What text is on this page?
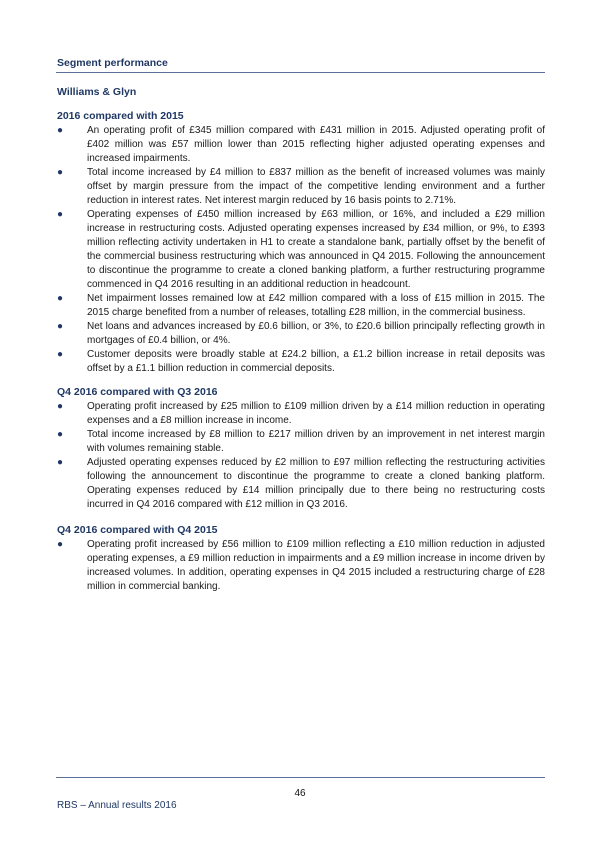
Segment performance
Williams & Glyn
2016 compared with 2015
● An operating profit of £345 million compared with £431 million in 2015. Adjusted operating profit of £402 million was £57 million lower than 2015 reflecting higher adjusted operating expenses and increased impairments.
● Total income increased by £4 million to £837 million as the benefit of increased volumes was mainly offset by margin pressure from the impact of the competitive lending environment and a further reduction in interest rates. Net interest margin reduced by 16 basis points to 2.71%.
● Operating expenses of £450 million increased by £63 million, or 16%, and included a £29 million increase in restructuring costs. Adjusted operating expenses increased by £34 million, or 9%, to £393 million reflecting activity undertaken in H1 to create a standalone bank, partially offset by the benefit of the commercial business restructuring which was announced in Q4 2015. Following the announcement to discontinue the programme to create a cloned banking platform, a further restructuring programme commenced in Q4 2016 resulting in an additional reduction in headcount.
● Net impairment losses remained low at £42 million compared with a loss of £15 million in 2015. The 2015 charge benefited from a number of releases, totalling £28 million, in the commercial business.
● Net loans and advances increased by £0.6 billion, or 3%, to £20.6 billion principally reflecting growth in mortgages of £0.4 billion, or 4%.
● Customer deposits were broadly stable at £24.2 billion, a £1.2 billion increase in retail deposits was offset by a £1.1 billion reduction in commercial deposits.
Q4 2016 compared with Q3 2016
● Operating profit increased by £25 million to £109 million driven by a £14 million reduction in operating expenses and a £8 million increase in income.
● Total income increased by £8 million to £217 million driven by an improvement in net interest margin with volumes remaining stable.
● Adjusted operating expenses reduced by £2 million to £97 million reflecting the restructuring activities following the announcement to discontinue the programme to create a cloned banking platform. Operating expenses reduced by £14 million principally due to there being no restructuring costs incurred in Q4 2016 compared with £12 million in Q3 2016.
Q4 2016 compared with Q4 2015
● Operating profit increased by £56 million to £109 million reflecting a £10 million reduction in adjusted operating expenses, a £9 million reduction in impairments and a £9 million increase in income driven by increased volumes. In addition, operating expenses in Q4 2015 included a restructuring charge of £28 million in commercial banking.
46
RBS – Annual results 2016
